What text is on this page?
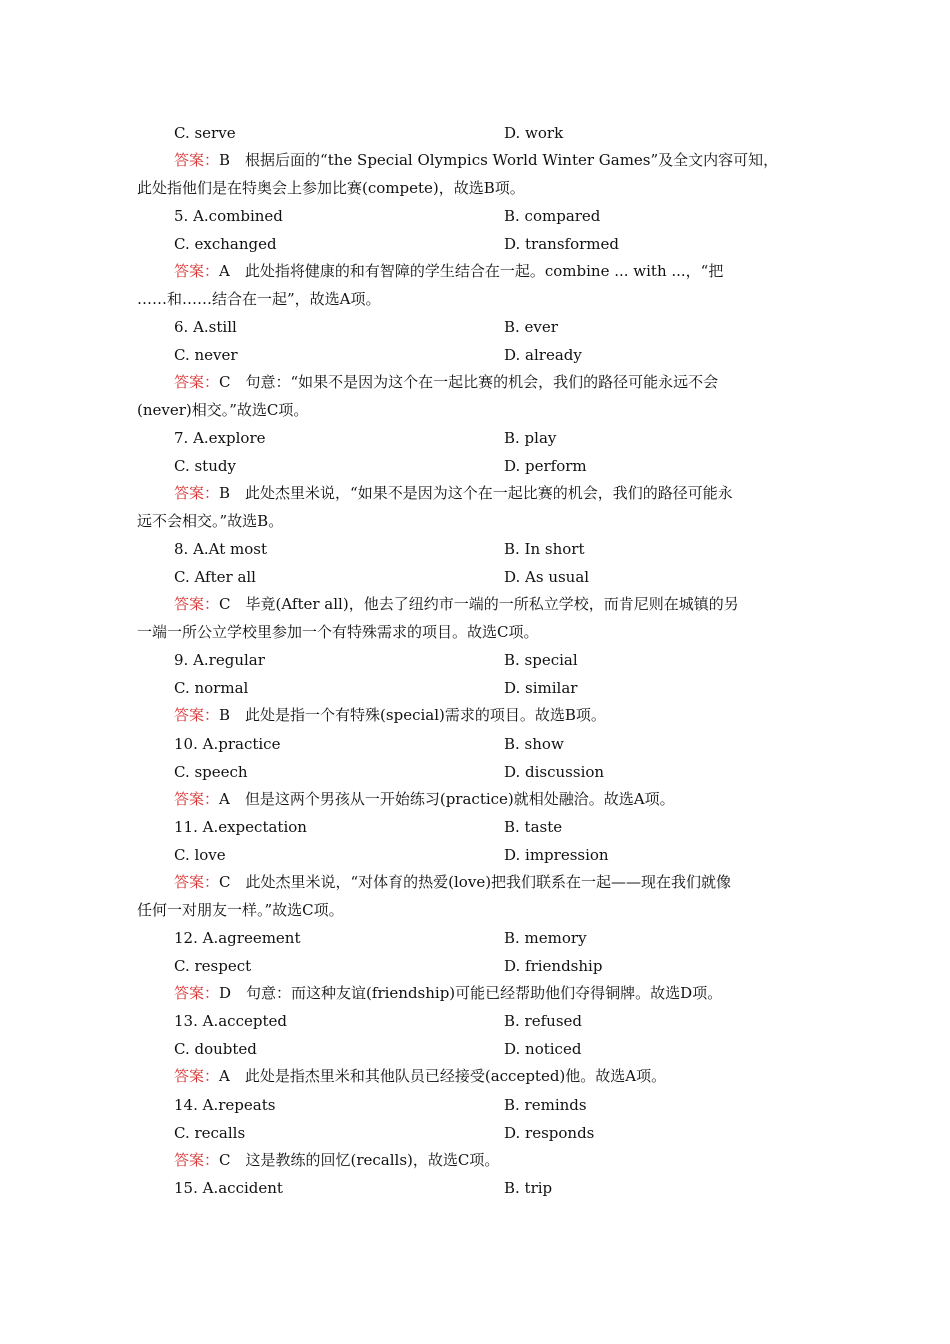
C. serve	D. work
答案：B　根据后面的“the Special Olympics World Winter Games”及全文内容可知，
此处指他们是在特奥会上参加比赛(compete)，故选B项。
5. A.combined	B. compared
C. exchanged	D. transformed
答案：A　此处指将健康的和有智障的学生结合在一起。combine ... with ...，“把
……和……结合在一起”，故选A项。
6. A.still	B. ever
C. never	D. already
答案：C　句意：“如果不是因为这个在一起比赛的机会，我们的路径可能永远不会
(never)相交。”故选C项。
7. A.explore	B. play
C. study	D. perform
答案：B　此处杰里米说，“如果不是因为这个在一起比赛的机会，我们的路径可能永
远不会相交。”故选B。
8. A.At most	B. In short
C. After all	D. As usual
答案：C　毕竟(After all)，他去了纽约市一端的一所私立学校，而肯尼则在城镇的另
一端一所公立学校里参加一个有特殊需求的项目。故选C项。
9. A.regular	B. special
C. normal	D. similar
答案：B　此处是指一个有特殊(special)需求的项目。故选B项。
10. A.practice	B. show
C. speech	D. discussion
答案：A　但是这两个男孩从一开始练习(practice)就相处融洽。故选A项。
11. A.expectation	B. taste
C. love	D. impression
答案：C　此处杰里米说，“对体育的热爱(love)把我们联系在一起——现在我们就像
任何一对朋友一样。”故选C项。
12. A.agreement	B. memory
C. respect	D. friendship
答案：D　句意：而这种友谊(friendship)可能已经帮助他们夺得铜牌。故选D项。
13. A.accepted	B. refused
C. doubted	D. noticed
答案：A　此处是指杰里米和其他队员已经接受(accepted)他。故选A项。
14. A.repeats	B. reminds
C. recalls	D. responds
答案：C　这是教练的回忆(recalls)，故选C项。
15. A.accident	B. trip
